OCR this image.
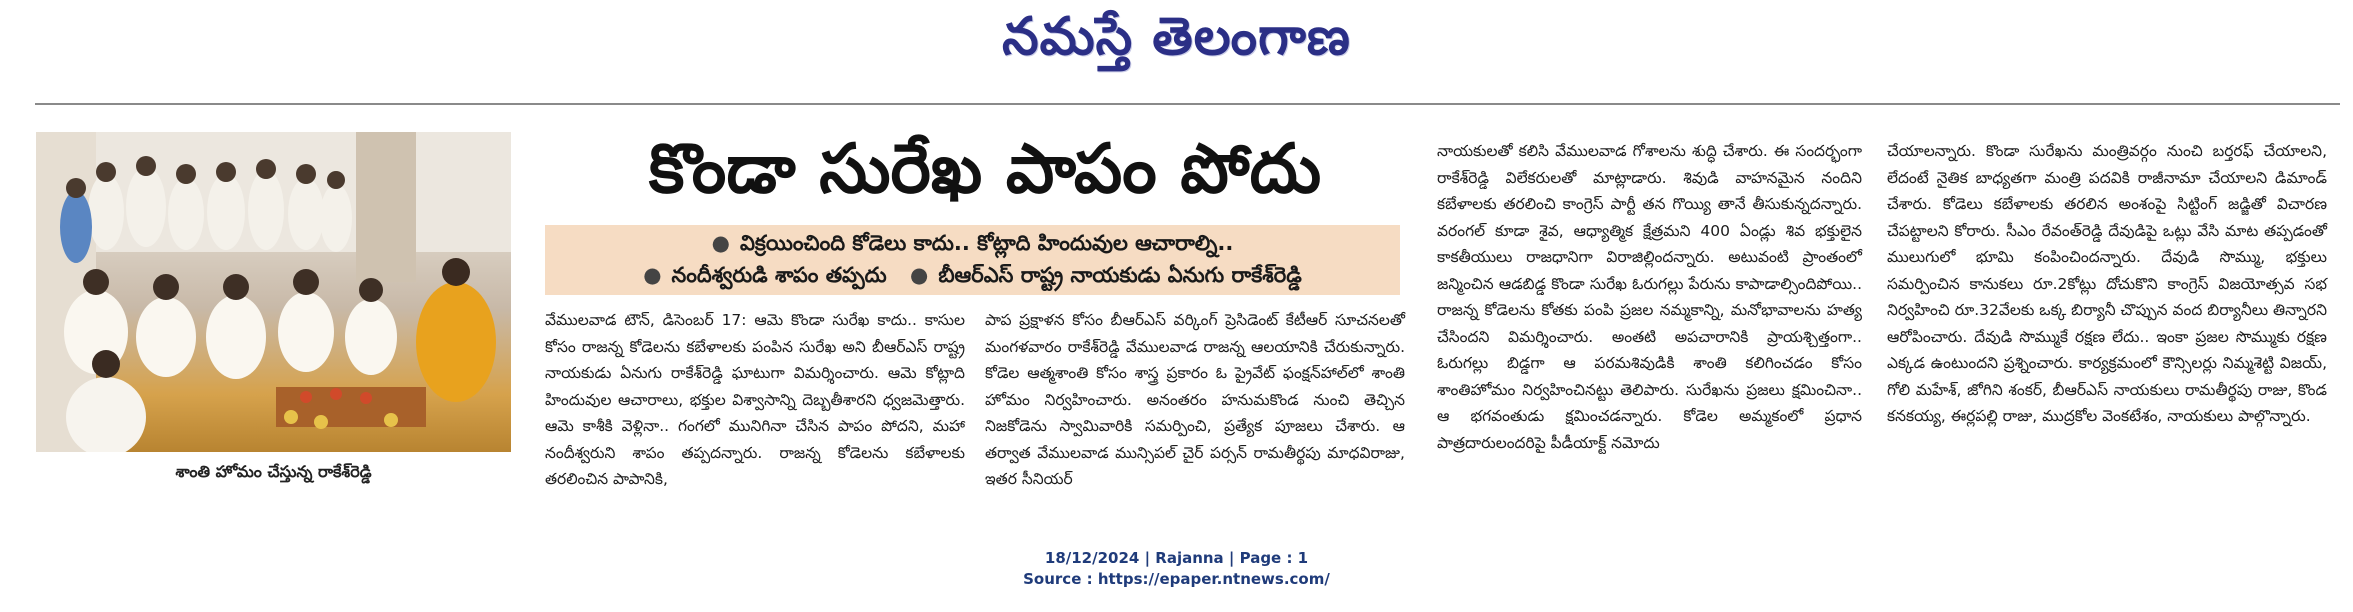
నమస్తే తెలంగాణ
శాంతి హోమం చేస్తున్న రాకేశ్‌రెడ్డి
కొండా సురేఖ పాపం పోదు
● విక్రయించింది కోడెలు కాదు.. కోట్లాది హిందువుల ఆచారాల్ని..
● నందీశ్వరుడి శాపం తప్పదు ● బీఆర్‌ఎస్‌ రాష్ట్ర నాయకుడు ఏనుగు రాకేశ్‌రెడ్డి

వేములవాడ టౌన్‌, డిసెంబర్‌ 17: ఆమె కొండా సురేఖ కాదు.. కాసుల కోసం రాజన్న కోడెలను కబేళాలకు పంపిన సురేఖ అని బీఆర్‌ఎస్‌ రాష్ట్ర నాయకుడు ఏనుగు రాకేశ్‌రెడ్డి ఘాటుగా విమర్శించారు. ఆమె కోట్లాది హిందువుల ఆచారాలు, భక్తుల విశ్వాసాన్ని దెబ్బతీశారని ధ్వజమెత్తారు. ఆమె కాశీకి వెళ్లినా.. గంగలో మునిగినా చేసిన పాపం పోదని, మహా నందీశ్వరుని శాపం తప్పదన్నారు. రాజన్న కోడెలను కబేళాలకు తరలించిన పాపానికి,

పాప ప్రక్షాళన కోసం బీఆర్‌ఎస్‌ వర్కింగ్‌ ప్రెసిడెంట్‌ కేటీఆర్‌ సూచనలతో మంగళవారం రాకేశ్‌రెడ్డి వేములవాడ రాజన్న ఆలయానికి చేరుకున్నారు. కోడెల ఆత్మశాంతి కోసం శాస్త్ర ప్రకారం ఓ ప్రైవేట్‌ ఫంక్షన్‌హాల్‌లో శాంతి హోమం నిర్వహించారు. అనంతరం హనుమకొండ నుంచి తెచ్చిన నిజకోడెను స్వామివారికి సమర్పించి, ప్రత్యేక పూజలు చేశారు. ఆ తర్వాత వేములవాడ మున్సిపల్‌ చైర్‌ పర్సన్‌ రామతీర్థపు మాధవిరాజు, ఇతర సీనియర్‌

నాయకులతో కలిసి వేములవాడ గోశాలను శుద్ధి చేశారు. ఈ సందర్భంగా రాకేశ్‌రెడ్డి విలేకరులతో మాట్లాడారు. శివుడి వాహనమైన నందిని కబేళాలకు తరలించి కాంగ్రెస్‌ పార్టీ తన గొయ్యి తానే తీసుకున్నదన్నారు. వరంగల్‌ కూడా శైవ, ఆధ్యాత్మిక క్షేత్రమని 400 ఏండ్లు శివ భక్తులైన కాకతీయులు రాజధానిగా విరాజిల్లిందన్నారు. అటువంటి ప్రాంతంలో జన్మించిన ఆడబిడ్డ కొండా సురేఖ ఓరుగల్లు పేరును కాపాడాల్సిందిపోయి.. రాజన్న కోడెలను కోతకు పంపి ప్రజల నమ్మకాన్ని, మనోభావాలను హత్య చేసిందని విమర్శించారు. అంతటి అపచారానికి ప్రాయశ్చిత్తంగా.. ఓరుగల్లు బిడ్డగా ఆ పరమశివుడికి శాంతి కలిగించడం కోసం శాంతిహోమం నిర్వహించినట్టు తెలిపారు. సురేఖను ప్రజలు క్షమించినా.. ఆ భగవంతుడు క్షమించడన్నారు. కోడెల అమ్మకంలో ప్రధాన పాత్రదారులందరిపై పీడీయాక్ట్‌ నమోదు

చేయాలన్నారు. కొండా సురేఖను మంత్రివర్గం నుంచి బర్తరఫ్‌ చేయాలని, లేదంటే నైతిక బాధ్యతగా మంత్రి పదవికి రాజీనామా చేయాలని డిమాండ్‌ చేశారు. కోడెలు కబేళాలకు తరలిన అంశంపై సిట్టింగ్‌ జడ్జితో విచారణ చేపట్టాలని కోరారు. సీఎం రేవంత్‌రెడ్డి దేవుడిపై ఒట్లు వేసి మాట తప్పడంతో ములుగులో భూమి కంపించిందన్నారు. దేవుడి సొమ్ము, భక్తులు సమర్పించిన కానుకలు రూ.2కోట్లు దోచుకొని కాంగ్రెస్‌ విజయోత్సవ సభ నిర్వహించి రూ.32వేలకు ఒక్క బిర్యానీ చొప్పున వంద బిర్యానీలు తిన్నారని ఆరోపించారు. దేవుడి సొమ్ముకే రక్షణ లేదు.. ఇంకా ప్రజల సొమ్ముకు రక్షణ ఎక్కడ ఉంటుందని ప్రశ్నించారు. కార్యక్రమంలో కౌన్సిలర్లు నిమ్మశెట్టి విజయ్‌, గోలి మహేశ్‌, జోగిని శంకర్‌, బీఆర్‌ఎస్‌ నాయకులు రామతీర్థపు రాజు, కొండ కనకయ్య, ఈర్లపల్లి రాజు, ముద్రకోల వెంకటేశం, నాయకులు పాల్గొన్నారు.

18/12/2024 | Rajanna | Page : 1
Source : https://epaper.ntnews.com/
